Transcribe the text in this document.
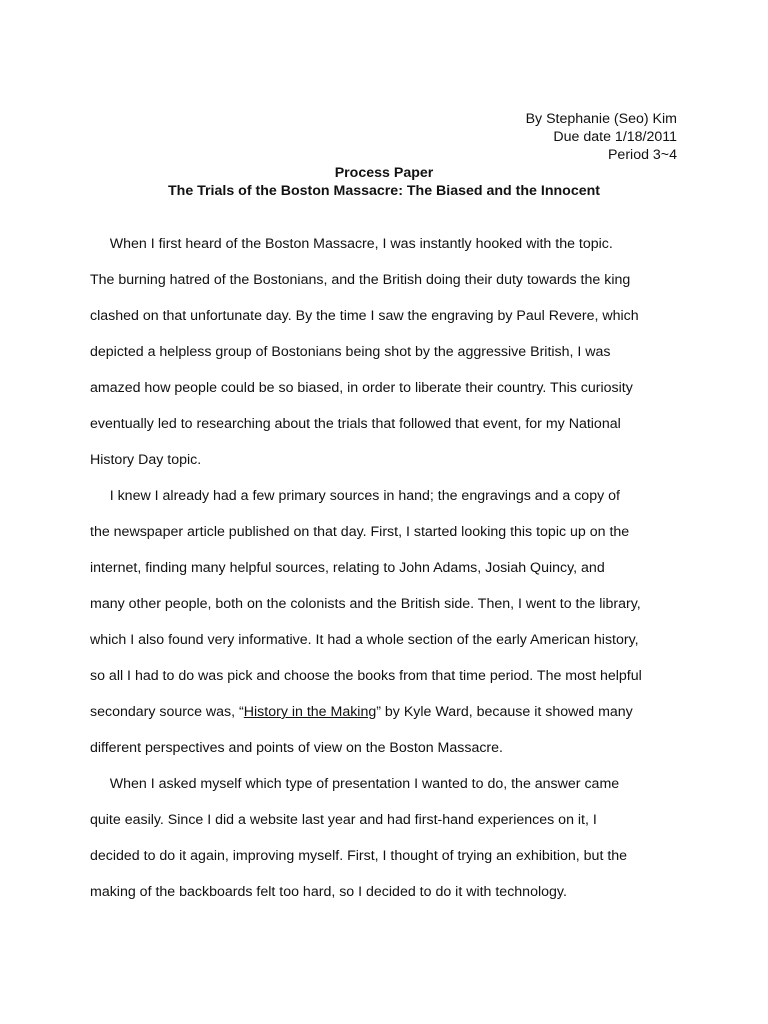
By Stephanie (Seo) Kim
Due date 1/18/2011
Period 3~4
Process Paper
The Trials of the Boston Massacre: The Biased and the Innocent
When I first heard of the Boston Massacre, I was instantly hooked with the topic.
The burning hatred of the Bostonians, and the British doing their duty towards the king
clashed on that unfortunate day. By the time I saw the engraving by Paul Revere, which
depicted a helpless group of Bostonians being shot by the aggressive British, I was
amazed how people could be so biased, in order to liberate their country. This curiosity
eventually led to researching about the trials that followed that event, for my National
History Day topic.
I knew I already had a few primary sources in hand; the engravings and a copy of
the newspaper article published on that day. First, I started looking this topic up on the
internet, finding many helpful sources, relating to John Adams, Josiah Quincy, and
many other people, both on the colonists and the British side. Then, I went to the library,
which I also found very informative. It had a whole section of the early American history,
so all I had to do was pick and choose the books from that time period. The most helpful
secondary source was, “History in the Making” by Kyle Ward, because it showed many
different perspectives and points of view on the Boston Massacre.
When I asked myself which type of presentation I wanted to do, the answer came
quite easily. Since I did a website last year and had first-hand experiences on it, I
decided to do it again, improving myself. First, I thought of trying an exhibition, but the
making of the backboards felt too hard, so I decided to do it with technology.
